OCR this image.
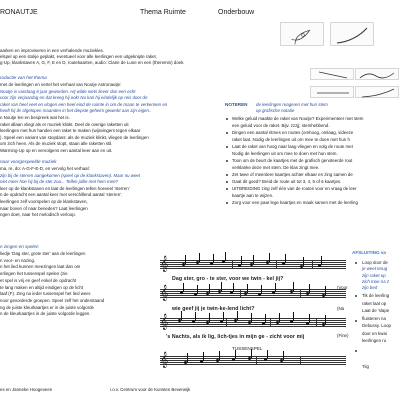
RONAUTJE	Thema Ruimte	Onderbouw
aarken en improviseren in een verhalende muziekles.
elspel op een stokje geplakt, eventueel voor alle leerlingen een uitgeknipte raket,
g-Up, klankstaven A, G, F, E en D, routekaarten, audio: Claire de Lune en een (theremin) doek.
roductie van het thema
met de leerlingen en vertel het verhaal van Noutje Astronautje:
Noutje is vandaag 6 jaar geworden. Hij wilde niets liever dan een echt
voor zijn verjaardag en dat kreeg hij ook! Nu kan hij eindelijk op reis door de
raket van heel veel en vlogen een heel eind de ruimte in om de maan te verkennen en
heeft hij ile afgelopen maanden in het diepste geheim gewerkt aan zijn eigen..
n Noutje len en bespreek wat het is.
raket allaan vliegt als er muziek klinkt. Deel de overige raketten uit
leerlingen met hun handen een raket te maken (wijsvingers tegen elkaar
). Speel een variant van stopdans: als de muziek klinkt, vliegen de leerlingen
om zich heen. Als de muziek stopt, staan alle raketten stil.
Warming-Up op en vervolgens een aantal keer aan en uit.
naar voorgespeelde muziek
ma, re, do: A-G-F-E-D, en vervolg het verhaal:
zijn bij de sterren aangekomen (speel op de klankstaven). Maar nu weet
niet meer hoe hij bij de ster zou... Tellen jullie met hem mee?
leer op de klankstaven en laat de leerlingen tellen hoeveel 'sterren'
n de opdracht een aantal keer met verschillend aantal 'sterren'.
leerlingen zelf voorspelen op de klankstaven,
naar boven of naar beneden? Laat leerlingen
ngen doet, naar het melodisch verloop.
n zingen en spelen
liedje 'Dag ster, grote ster' aan de leerlingen
n voor- en nazing.
n het lied kunnen meezingen laat dan om
erlingen het tussenspel spelen (zie
et spel is vrij en geef enkel de opdracht
te lang maken en altijd eindigen op de licht
laaf (F). Zing na ieder tussenspel het lied weer.
noor gevorderde groepen. Speel zelf het onderstaand
ng de juiste kleurkaartjes er in de juiste volgorde
n de kleurkaartjes in de juiste volgorde leggen.
es en Janneke Hoogeveen	i.o.v. Centrum voor de Kunsten Beverwijk
NOTEREN de leerlingen reageren met hun stem
op grafische notatie
Welke geluid maakte de raket van Noutje? Experimenteer met stem
een geluid voor de raket. Bijv. zzzjj; stemhebbend.
Dingen een aantal ritmes en routes (omhoog, omlaag, videeze
raket laat. Nodig de leerlingen uit om mee te doen met hun h
Laat de raket van hoog naar laag vliegen en volg de route met
Nodig de leerlingen uit om mee te doen met hun stem.
Toon om de beurt de kaartjes met de grafisch genoteerde rout
verklanke deze met stem. De klas zingt mee.
Zet twee of meerdere kaartjes achter elkaar en zing samen de
Gaat dit goed? Breid de route uit tot 3, 4, 5 of 6 kaartjes.
UITBREIDING zing zelf één van de routes voor en vraag de leer
kaartje aan te wijzen.
Zorg voor een paar lege kaartjes en maak samen met de leerling
𝄞
Dag ster, gro - te ster, voor we twin - kel jij?
(Voor
𝄞
wie geef jij je twin-ke-lend licht?	(Na
𝄞
's Nachts, als ik lig, lich-tjes in mijn ge - zicht voor mij	(Fine)
TUSSENSPEL
𝄞
AFSLUITING va
Loop door de
je weet terug
zijn raket op
zich moe na z
zijn bed
Tik de leerling
raket laat op
Laat de 'slape
fluisteren na
Debussy. Loop
door en kwai
leerlingen ru
Tiig
